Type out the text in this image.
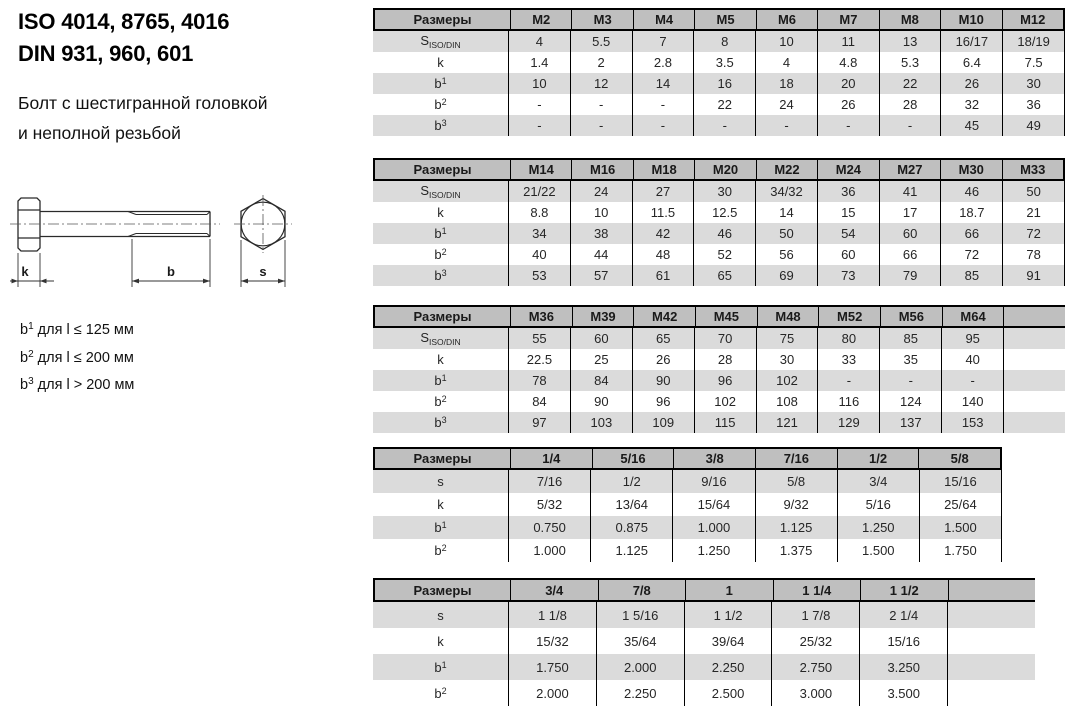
ISO 4014, 8765, 4016
DIN 931, 960, 601
Болт с шестигранной головкой
и неполной резьбой
k	b	s
$b^1$ для l ≤ 125 мм
$b^2$ для l ≤ 200 мм
$b^3$ для l > 200 мм
Размеры	M2	M3	M4	M5	M6	M7	M8	M10	M12
$S_{ISO/DIN}$	4	5.5	7	8	10	11	13	16/17	18/19
k	1.4	2	2.8	3.5	4	4.8	5.3	6.4	7.5
$b^1$	10	12	14	16	18	20	22	26	30
$b^2$	-	-	-	22	24	26	28	32	36
$b^3$	-	-	-	-	-	-	-	45	49
Размеры	M14	M16	M18	M20	M22	M24	M27	M30	M33
$S_{ISO/DIN}$	21/22	24	27	30	34/32	36	41	46	50
k	8.8	10	11.5	12.5	14	15	17	18.7	21
$b^1$	34	38	42	46	50	54	60	66	72
$b^2$	40	44	48	52	56	60	66	72	78
$b^3$	53	57	61	65	69	73	79	85	91
Размеры	M36	M39	M42	M45	M48	M52	M56	M64
$S_{ISO/DIN}$	55	60	65	70	75	80	85	95
k	22.5	25	26	28	30	33	35	40
$b^1$	78	84	90	96	102	-	-	-
$b^2$	84	90	96	102	108	116	124	140
$b^3$	97	103	109	115	121	129	137	153
Размеры	1/4	5/16	3/8	7/16	1/2	5/8
s	7/16	1/2	9/16	5/8	3/4	15/16
k	5/32	13/64	15/64	9/32	5/16	25/64
$b^1$	0.750	0.875	1.000	1.125	1.250	1.500
$b^2$	1.000	1.125	1.250	1.375	1.500	1.750
Размеры	3/4	7/8	1	1 1/4	1 1/2
s	1 1/8	1 5/16	1 1/2	1 7/8	2 1/4
k	15/32	35/64	39/64	25/32	15/16
$b^1$	1.750	2.000	2.250	2.750	3.250
$b^2$	2.000	2.250	2.500	3.000	3.500
